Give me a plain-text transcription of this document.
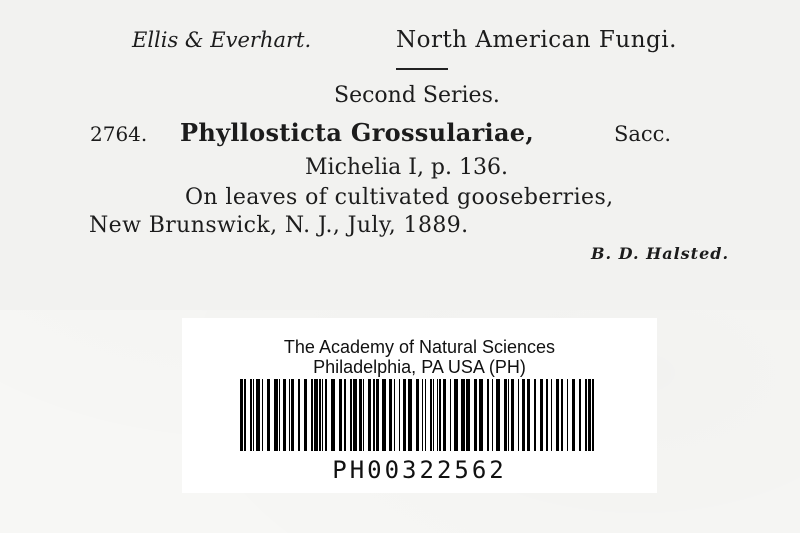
Ellis & Everhart.	North American Fungi.
Second Series.
2764. Phyllosticta Grossulariae,	Sacc.
Michelia I, p. 136.
On leaves of cultivated gooseberries,
New Brunswick, N. J., July, 1889.
B. D. Halsted.
The Academy of Natural Sciences
Philadelphia, PA USA (PH)
PH00322562
